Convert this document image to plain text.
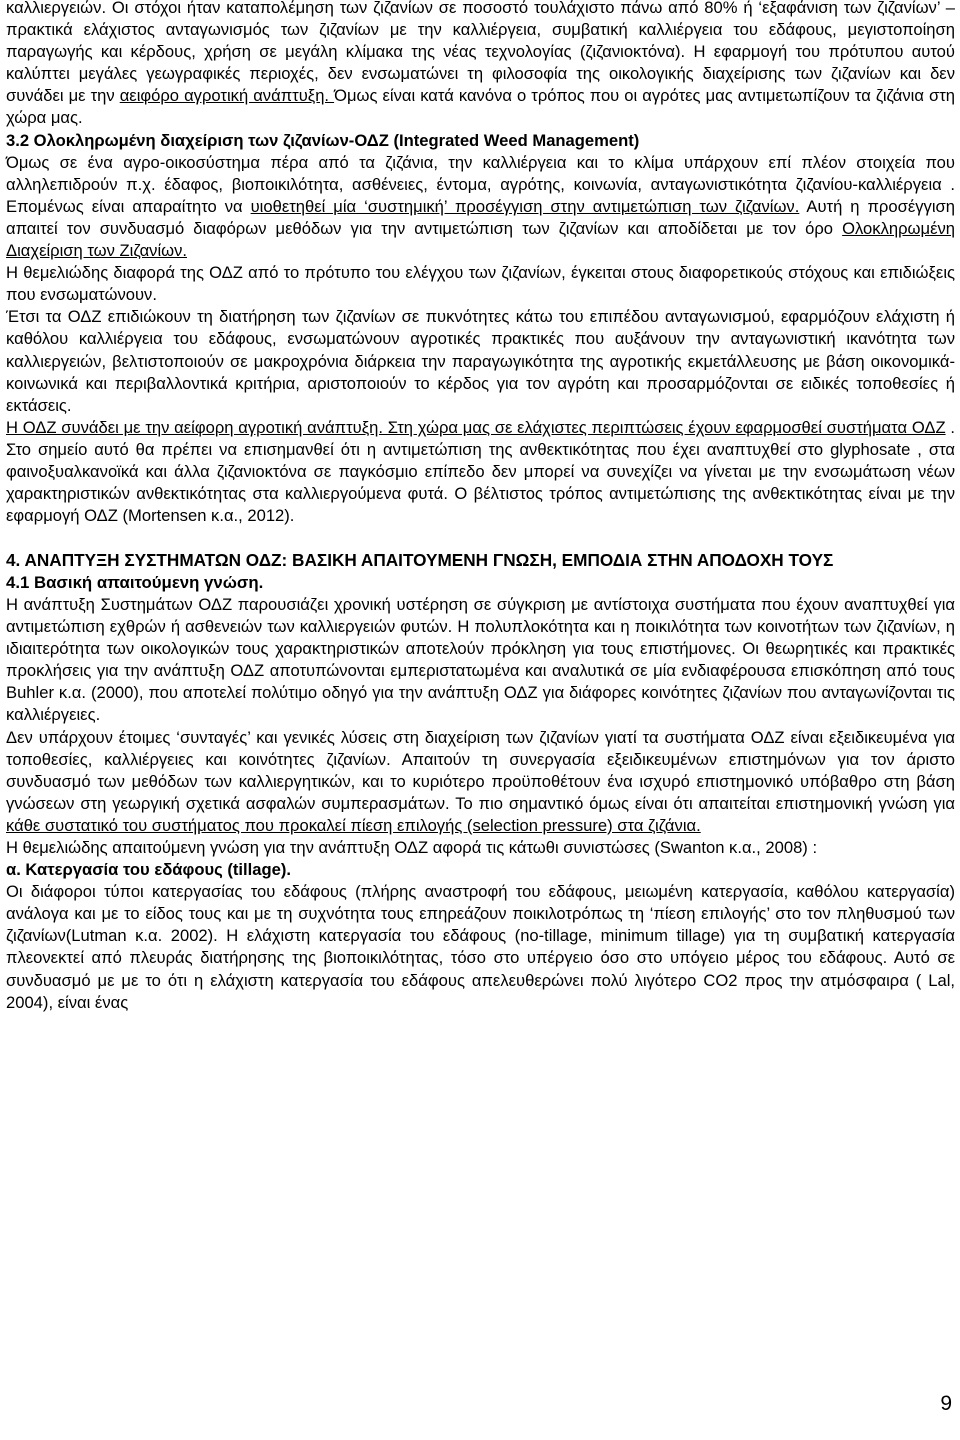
καλλιεργειών. Οι στόχοι ήταν καταπολέμηση των ζιζανίων σε ποσοστό τουλάχιστο πάνω από 80% ή ‘εξαφάνιση των ζιζανίων’ –πρακτικά ελάχιστος ανταγωνισμός των ζιζανίων με την καλλιέργεια, συμβατική καλλιέργεια του εδάφους, μεγιστοποίηση παραγωγής και κέρδους, χρήση σε μεγάλη κλίμακα της νέας τεχνολογίας (ζιζανιοκτόνα). Η εφαρμογή του πρότυπου αυτού καλύπτει μεγάλες γεωγραφικές περιοχές, δεν ενσωματώνει τη φιλοσοφία της οικολογικής διαχείρισης των ζιζανίων και δεν συνάδει με την αειφόρο αγροτική ανάπτυξη. Όμως είναι κατά κανόνα ο τρόπος που οι αγρότες μας αντιμετωπίζουν τα ζιζάνια στη χώρα μας.

3.2 Ολοκληρωμένη διαχείριση των ζιζανίων-ΟΔΖ (Integrated Weed Management)

Όμως σε ένα αγρο-οικοσύστημα πέρα από τα ζιζάνια, την καλλιέργεια και το κλίμα υπάρχουν επί πλέον στοιχεία που αλληλεπιδρούν π.χ. έδαφος, βιοποικιλότητα, ασθένειες, έντομα, αγρότης, κοινωνία, ανταγωνιστικότητα ζιζανίου-καλλιέργεια . Επομένως είναι απαραίτητο να υιοθετηθεί μία ‘συστημική’ προσέγγιση στην αντιμετώπιση των ζιζανίων. Αυτή η προσέγγιση απαιτεί τον συνδυασμό διαφόρων μεθόδων για την αντιμετώπιση των ζιζανίων και αποδίδεται με τον όρο Ολοκληρωμένη Διαχείριση των Ζιζανίων.

Η θεμελιώδης διαφορά της ΟΔΖ από το πρότυπο του ελέγχου των ζιζανίων, έγκειται στους διαφορετικούς στόχους και επιδιώξεις που ενσωματώνουν.

Έτσι τα ΟΔΖ επιδιώκουν τη διατήρηση των ζιζανίων σε πυκνότητες κάτω του επιπέδου ανταγωνισμού, εφαρμόζουν ελάχιστη ή καθόλου καλλιέργεια του εδάφους, ενσωματώνουν αγροτικές πρακτικές που αυξάνουν την ανταγωνιστική ικανότητα των καλλιεργειών, βελτιστοποιούν σε μακροχρόνια διάρκεια την παραγωγικότητα της αγροτικής εκμετάλλευσης με βάση οικονομικά-κοινωνικά και περιβαλλοντικά κριτήρια, αριστοποιούν το κέρδος για τον αγρότη και προσαρμόζονται σε ειδικές τοποθεσίες ή εκτάσεις.

Η ΟΔΖ συνάδει με την αείφορη αγροτική ανάπτυξη. Στη χώρα μας σε ελάχιστες περιπτώσεις έχουν εφαρμοσθεί συστήματα ΟΔΖ . Στο σημείο αυτό θα πρέπει να επισημανθεί ότι η αντιμετώπιση της ανθεκτικότητας που έχει αναπτυχθεί στο glyphosate , στα φαινοξυαλκανοϊκά και άλλα ζιζανιοκτόνα σε παγκόσμιο επίπεδο δεν μπορεί να συνεχίζει να γίνεται με την ενσωμάτωση νέων χαρακτηριστικών ανθεκτικότητας στα καλλιεργούμενα φυτά. Ο βέλτιστος τρόπος αντιμετώπισης της ανθεκτικότητας είναι με την εφαρμογή ΟΔΖ (Mortensen κ.α., 2012).

4. ΑΝΑΠΤΥΞΗ ΣΥΣΤΗΜΑΤΩΝ ΟΔΖ: ΒΑΣΙΚΗ ΑΠΑΙΤΟΥΜΕΝΗ ΓΝΩΣΗ, ΕΜΠΟΔΙΑ ΣΤΗΝ ΑΠΟΔΟΧΗ ΤΟΥΣ

4.1 Βασική απαιτούμενη γνώση.

Η ανάπτυξη Συστημάτων ΟΔΖ παρουσιάζει χρονική υστέρηση σε σύγκριση με αντίστοιχα συστήματα που έχουν αναπτυχθεί για αντιμετώπιση εχθρών ή ασθενειών των καλλιεργειών φυτών. Η πολυπλοκότητα και η ποικιλότητα των κοινοτήτων των ζιζανίων, η ιδιαιτερότητα των οικολογικών τους χαρακτηριστικών αποτελούν πρόκληση για τους επιστήμονες. Οι θεωρητικές και πρακτικές προκλήσεις για την ανάπτυξη ΟΔΖ αποτυπώνονται εμπεριστατωμένα και αναλυτικά σε μία ενδιαφέρουσα επισκόπηση από τους Buhler κ.α. (2000), που αποτελεί πολύτιμο οδηγό για την ανάπτυξη ΟΔΖ για διάφορες κοινότητες ζιζανίων που ανταγωνίζονται τις καλλιέργειες.

Δεν υπάρχουν έτοιμες ‘συνταγές’ και γενικές λύσεις στη διαχείριση των ζιζανίων γιατί τα συστήματα ΟΔΖ είναι εξειδικευμένα για τοποθεσίες, καλλιέργειες και κοινότητες ζιζανίων. Απαιτούν τη συνεργασία εξειδικευμένων επιστημόνων για τον άριστο συνδυασμό των μεθόδων των καλλιεργητικών, και το κυριότερο προϋποθέτουν ένα ισχυρό επιστημονικό υπόβαθρο στη βάση γνώσεων στη γεωργική σχετικά ασφαλών συμπερασμάτων. Το πιο σημαντικό όμως είναι ότι απαιτείται επιστημονική γνώση για κάθε συστατικό του συστήματος που προκαλεί πίεση επιλογής (selection pressure) στα ζιζάνια.

Η θεμελιώδης απαιτούμενη γνώση για την ανάπτυξη ΟΔΖ αφορά τις κάτωθι συνιστώσες (Swanton κ.α., 2008) :

α. Κατεργασία του εδάφους (tillage).

Οι διάφοροι τύποι κατεργασίας του εδάφους (πλήρης αναστροφή του εδάφους, μειωμένη κατεργασία, καθόλου κατεργασία) ανάλογα και με το είδος τους και με τη συχνότητα τους επηρεάζουν ποικιλοτρόπως τη ‘πίεση επιλογής’ στο τον πληθυσμού των ζιζανίων(Lutman κ.α. 2002). Η ελάχιστη κατεργασία του εδάφους (no-tillage, minimum tillage) για τη συμβατική κατεργασία πλεονεκτεί από πλευράς διατήρησης της βιοποικιλότητας, τόσο στο υπέργειο όσο στο υπόγειο μέρος του εδάφους. Αυτό σε συνδυασμό με με το ότι η ελάχιστη κατεργασία του εδάφους απελευθερώνει πολύ λιγότερο CO2 προς την ατμόσφαιρα ( Lal, 2004), είναι ένας

9
